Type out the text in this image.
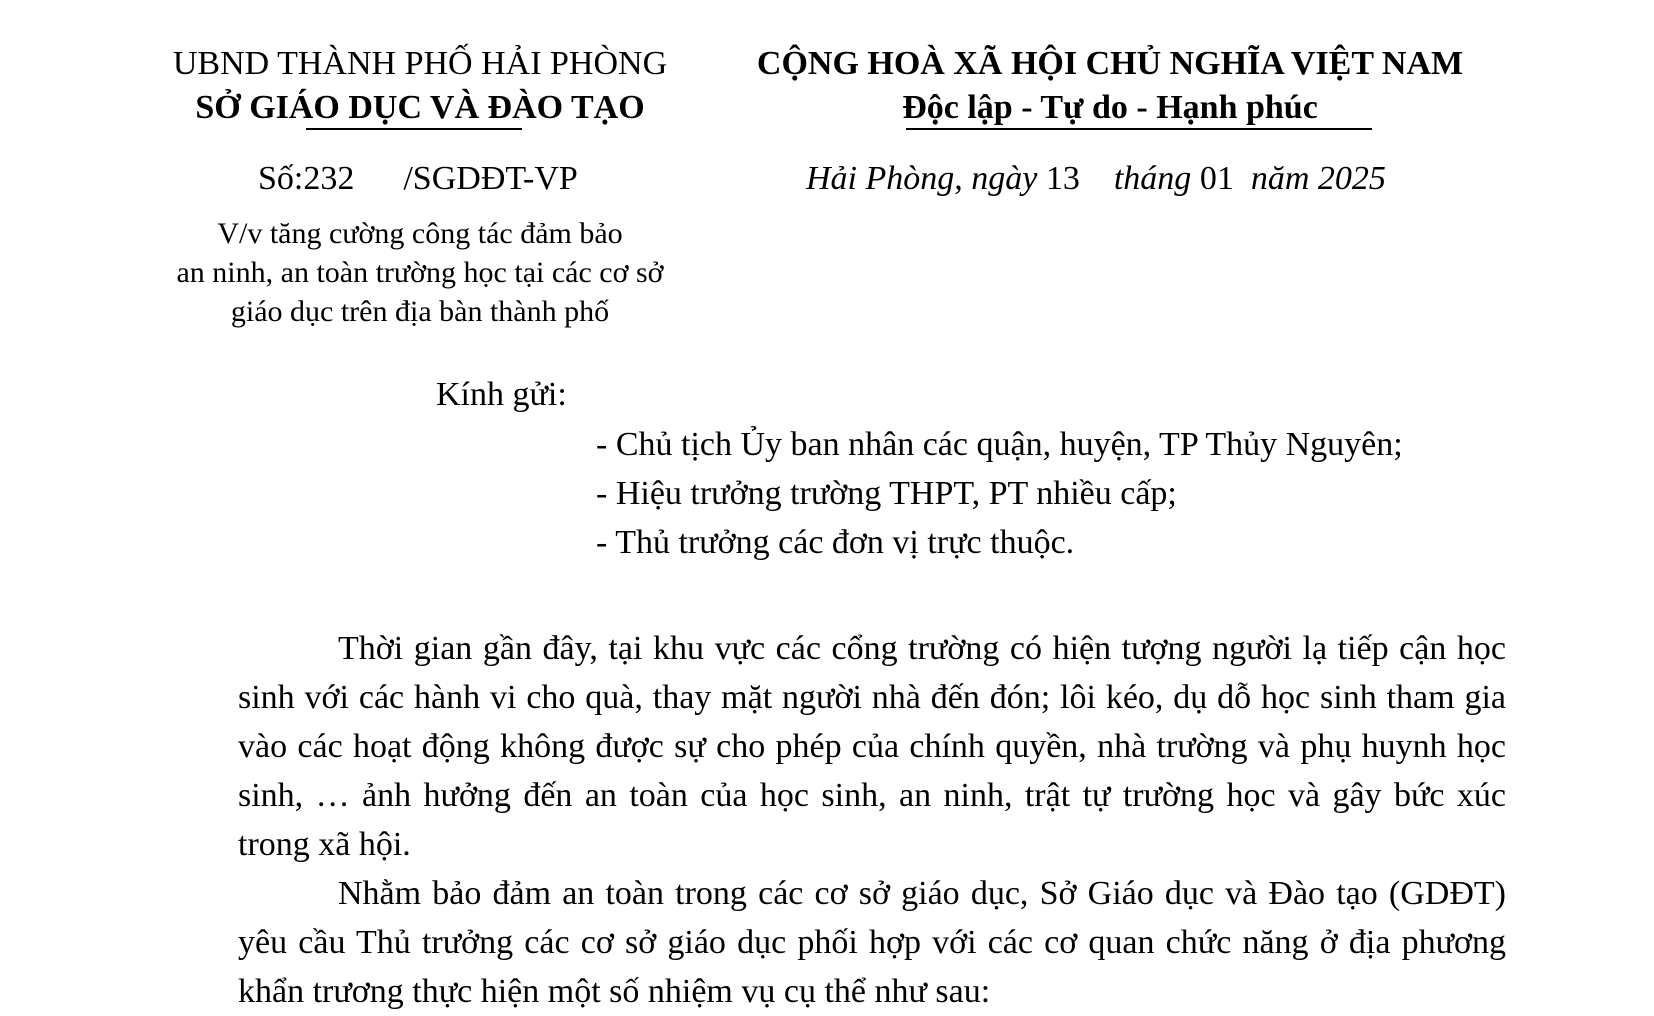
UBND THÀNH PHỐ HẢI PHÒNG
SỞ GIÁO DỤC VÀ ĐÀO TẠO
CỘNG HOÀ XÃ HỘI CHỦ NGHĨA VIỆT NAM
Độc lập - Tự do - Hạnh phúc
Số:232 /SGDĐT-VP	Hải Phòng, ngày 13 tháng 01 năm 2025
V/v tăng cường công tác đảm bảo
an ninh, an toàn trường học tại các cơ sở
giáo dục trên địa bàn thành phố
Kính gửi:
- Chủ tịch Ủy ban nhân các quận, huyện, TP Thủy Nguyên;
- Hiệu trưởng trường THPT, PT nhiều cấp;
- Thủ trưởng các đơn vị trực thuộc.

Thời gian gần đây, tại khu vực các cổng trường có hiện tượng người lạ tiếp cận học sinh với các hành vi cho quà, thay mặt người nhà đến đón; lôi kéo, dụ dỗ học sinh tham gia vào các hoạt động không được sự cho phép của chính quyền, nhà trường và phụ huynh học sinh, … ảnh hưởng đến an toàn của học sinh, an ninh, trật tự trường học và gây bức xúc trong xã hội.

Nhằm bảo đảm an toàn trong các cơ sở giáo dục, Sở Giáo dục và Đào tạo (GDĐT) yêu cầu Thủ trưởng các cơ sở giáo dục phối hợp với các cơ quan chức năng ở địa phương khẩn trương thực hiện một số nhiệm vụ cụ thể như sau:
